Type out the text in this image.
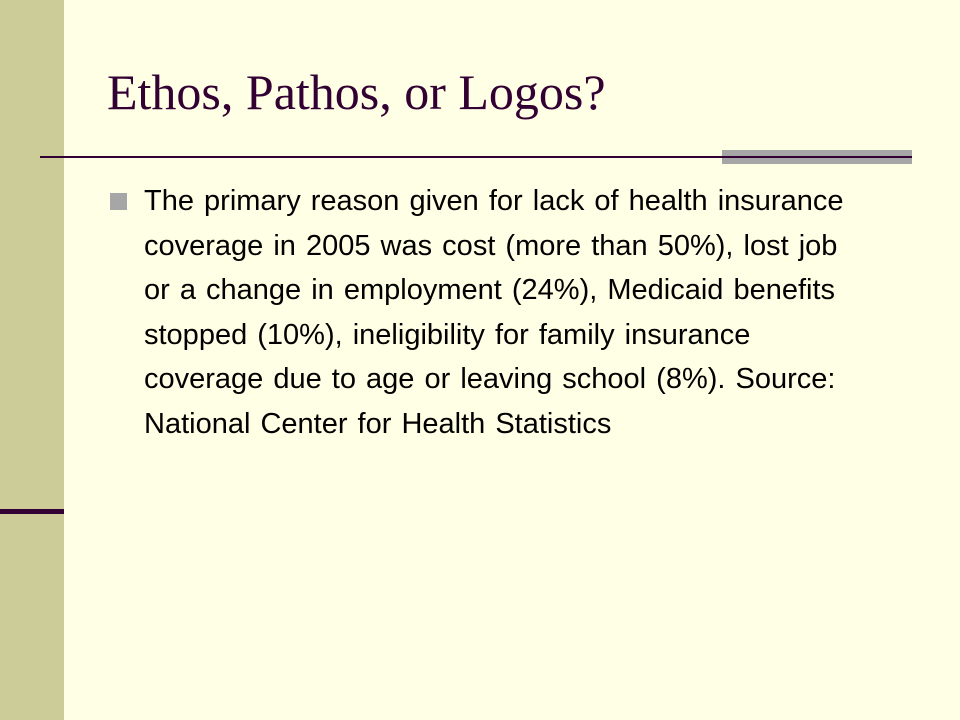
Ethos, Pathos, or Logos?
The primary reason given for lack of health insurance coverage in 2005 was cost (more than 50%), lost job or a change in employment (24%), Medicaid benefits stopped (10%), ineligibility for family insurance coverage due to age or leaving school (8%). Source: National Center for Health Statistics
